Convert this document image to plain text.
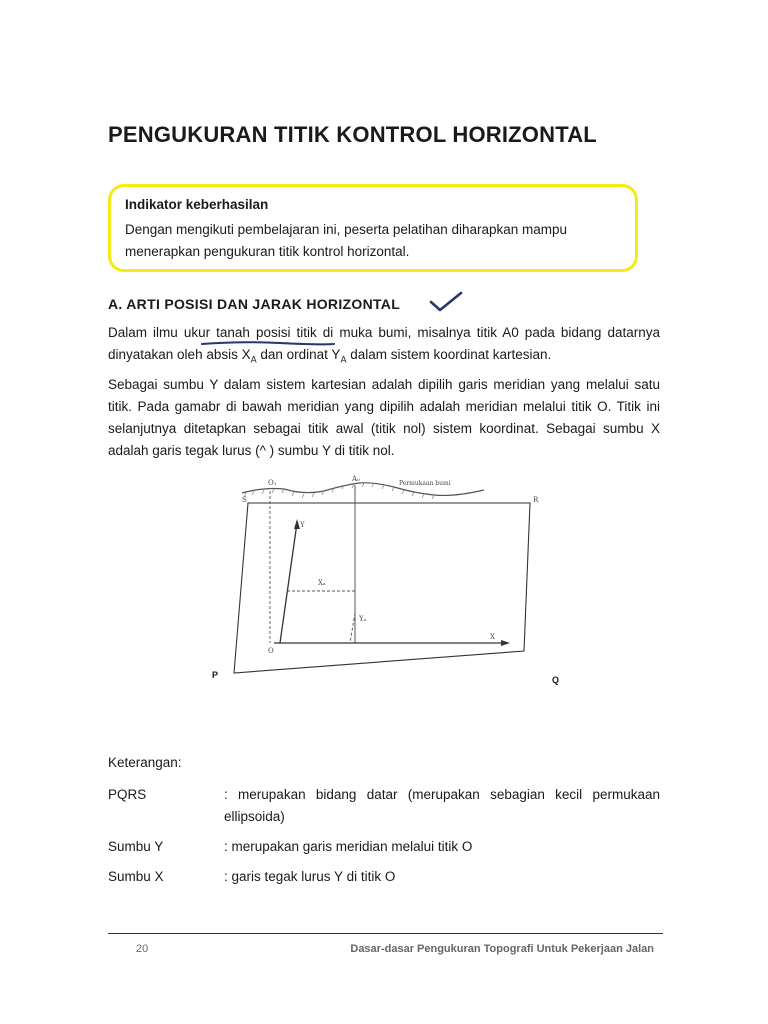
PENGUKURAN TITIK KONTROL HORIZONTAL
Indikator keberhasilan
Dengan mengikuti pembelajaran ini, peserta pelatihan diharapkan mampu menerapkan pengukuran titik kontrol horizontal.
A. ARTI POSISI DAN JARAK HORIZONTAL
Dalam ilmu ukur tanah posisi titik di muka bumi, misalnya titik A0 pada bidang datarnya dinyatakan oleh absis $X_A$ dan ordinat $Y_A$ dalam sistem koordinat kartesian.
Sebagai sumbu Y dalam sistem kartesian adalah dipilih garis meridian yang melalui satu titik. Pada gamabr di bawah meridian yang dipilih adalah meridian melalui titik O. Titik ini selanjutnya ditetapkan sebagai titik awal (titik nol) sistem koordinat. Sebagai sumbu X adalah garis tegak lurus (^ ) sumbu Y di titik nol.
O₁	A₀
Permukaan bumi
S	R
Y
X
Xₐ
Yₐ
O
P	Q
Keterangan:
PQRS	: merupakan bidang datar (merupakan sebagian kecil permukaan ellipsoida)
Sumbu Y	: merupakan garis meridian melalui titik O
Sumbu X	: garis tegak lurus Y di titik O
20	Dasar-dasar Pengukuran Topografi Untuk Pekerjaan Jalan
